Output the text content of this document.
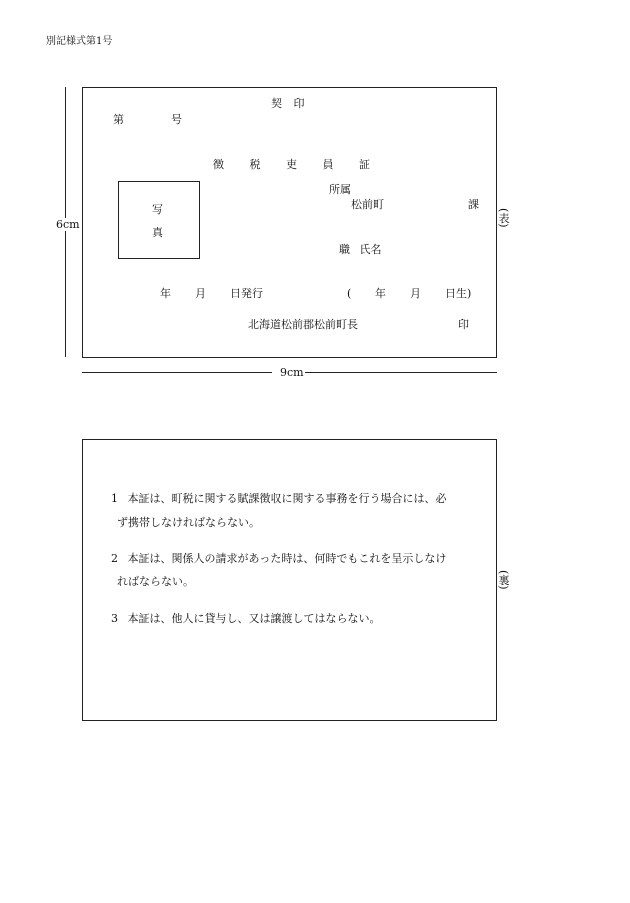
別記様式第1号
6cm
9cm
契 印
第	号
徴 税 吏 員 証
所属
松前町	課
写
真
職 氏名
年 月 日発行	( 年 月 日生)
北海道松前郡松前町長	印
(表)
1 本証は、町税に関する賦課徴収に関する事務を行う場合には、必
ず携帯しなければならない。
2 本証は、関係人の請求があった時は、何時でもこれを呈示しなけ
ればならない。
3 本証は、他人に貸与し、又は譲渡してはならない。
(裏)
